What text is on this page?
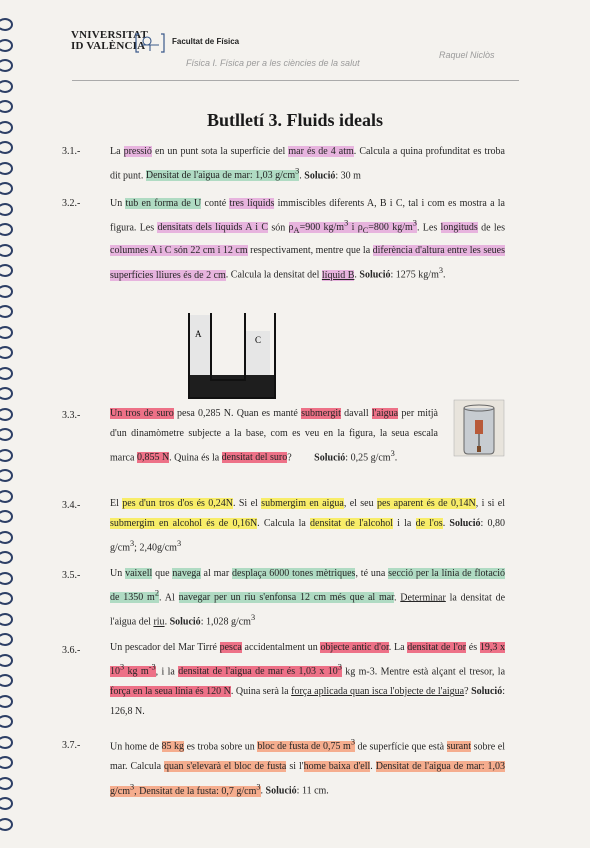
VNIVERSITAT
ID VALÈNCIA	Facultat de Física
Física I. Física per a les ciències de la salut
Raquel Niclòs
Butlletí 3. Fluids ideals
3.1.-	La pressió en un punt sota la superfície del mar és de 4 atm. Calcula a quina profunditat es troba dit punt. Densitat de l'aigua de mar: 1,03 $g/cm^3$. Solució: 30 m
3.2.-	Un tub en forma de U conté tres líquids immiscibles diferents A, B i C, tal i com es mostra a la figura. Les densitats dels líquids A i C són $\rho_A=900$ $kg/m^3$ i $\rho_C=800$ $kg/m^3$. Les longituds de les columnes A i C són 22 cm i 12 cm respectivament, mentre que la diferència d'altura entre les seues superfícies lliures és de 2 cm. Calcula la densitat del líquid B. Solució: 1275 $kg/m^3$.
A
C
3.3.-	Un tros de suro pesa 0,285 N. Quan es manté submergit davall l'aigua per mitjà d'un dinamòmetre subjecte a la base, com es veu en la figura, la seua escala marca 0,855 N. Quina és la densitat del suro?         Solució: 0,25 $g/cm^3$.
3.4.-	El pes d'un tros d'os és 0,24N. Si el submergim en aigua, el seu pes aparent és de 0,14N, i si el submergim en alcohol és de 0,16N. Calcula la densitat de l'alcohol i la de l'os. Solució: 0,80 $g/cm^3$; $2,40g/cm^3$
3.5.-	Un vaixell que navega al mar desplaça 6000 tones mètriques, té una secció per la línia de flotació de 1350 $m^2$. Al navegar per un riu s'enfonsa 12 cm més que al mar. Determinar la densitat de l'aigua del riu. Solució: 1,028 $g/cm^3$
3.6.-	Un pescador del Mar Tirré pesca accidentalment un objecte antic d'or. La densitat de l'or és 19,3 x $10^3$ kg $m^{-3}$, i la densitat de l'aigua de mar és 1,03 x $10^3$ kg m-3. Mentre està alçant el tresor, la força en la seua línia és 120 N. Quina serà la força aplicada quan isca l'objecte de l'aigua? Solució: 126,8 N.
3.7.-	Un home de 85 kg es troba sobre un bloc de fusta de 0,75 $m^3$ de superfície que està surant sobre el mar. Calcula quan s'elevarà el bloc de fusta si l'home baixa d'ell. Densitat de l'aigua de mar: 1,03 $g/cm^3$, Densitat de la fusta: 0,7 $g/cm^3$. Solució: 11 cm.
